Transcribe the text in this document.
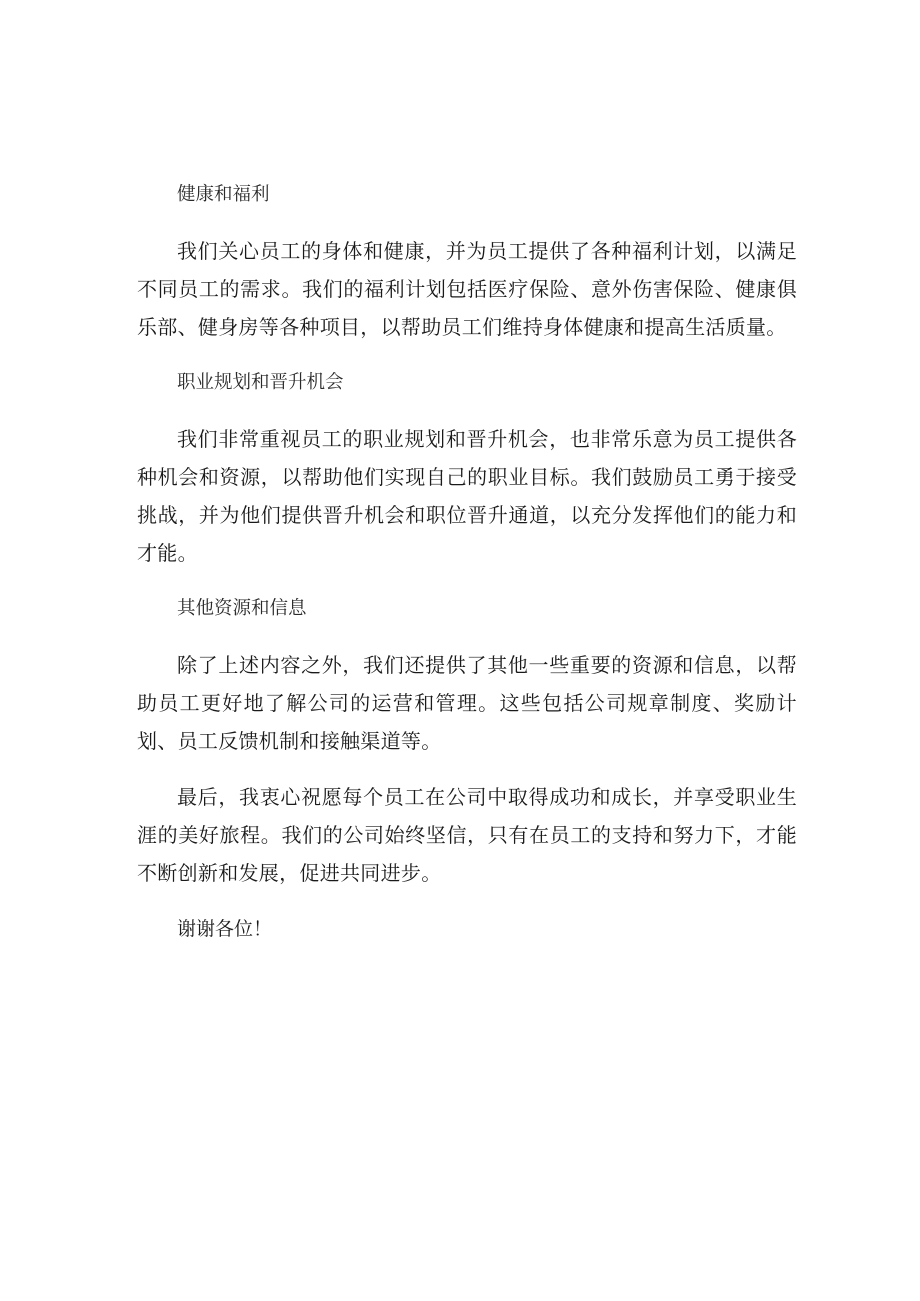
健康和福利

我们关心员工的身体和健康，并为员工提供了各种福利计划，以满足不同员工的需求。我们的福利计划包括医疗保险、意外伤害保险、健康俱乐部、健身房等各种项目，以帮助员工们维持身体健康和提高生活质量。

职业规划和晋升机会

我们非常重视员工的职业规划和晋升机会，也非常乐意为员工提供各种机会和资源，以帮助他们实现自己的职业目标。我们鼓励员工勇于接受挑战，并为他们提供晋升机会和职位晋升通道，以充分发挥他们的能力和才能。

其他资源和信息

除了上述内容之外，我们还提供了其他一些重要的资源和信息，以帮助员工更好地了解公司的运营和管理。这些包括公司规章制度、奖励计划、员工反馈机制和接触渠道等。

最后，我衷心祝愿每个员工在公司中取得成功和成长，并享受职业生涯的美好旅程。我们的公司始终坚信，只有在员工的支持和努力下，才能不断创新和发展，促进共同进步。

谢谢各位！
